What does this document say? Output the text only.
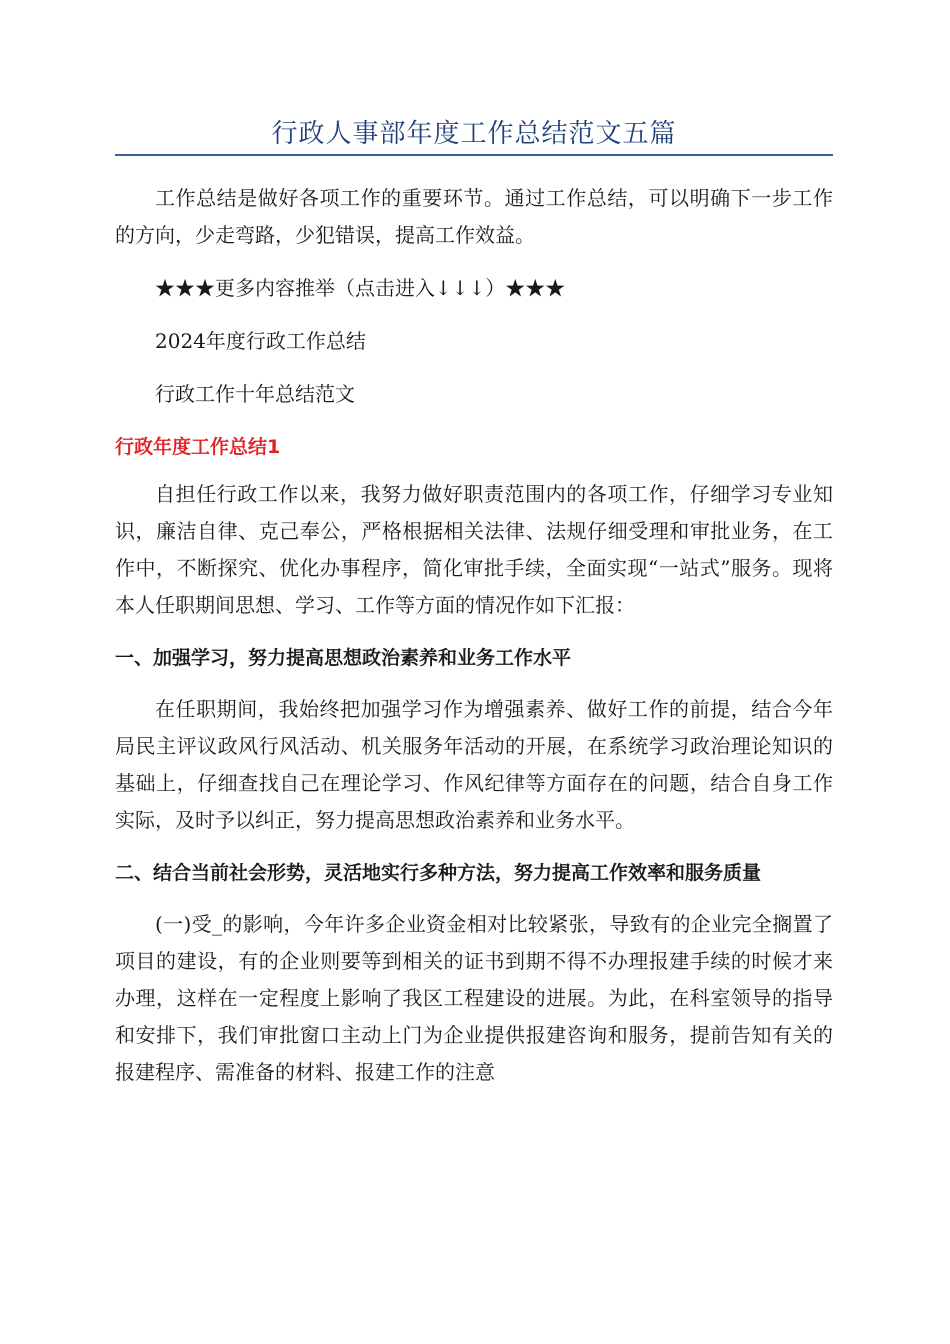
行政人事部年度工作总结范文五篇

工作总结是做好各项工作的重要环节。通过工作总结，可以明确下一步工作的方向，少走弯路，少犯错误，提高工作效益。

★★★更多内容推举（点击进入↓↓↓）★★★

2024年度行政工作总结

行政工作十年总结范文

行政年度工作总结1

自担任行政工作以来，我努力做好职责范围内的各项工作，仔细学习专业知识，廉洁自律、克己奉公，严格根据相关法律、法规仔细受理和审批业务，在工作中，不断探究、优化办事程序，简化审批手续，全面实现“一站式”服务。现将本人任职期间思想、学习、工作等方面的情况作如下汇报：

一、加强学习，努力提高思想政治素养和业务工作水平

在任职期间，我始终把加强学习作为增强素养、做好工作的前提，结合今年局民主评议政风行风活动、机关服务年活动的开展，在系统学习政治理论知识的基础上，仔细查找自己在理论学习、作风纪律等方面存在的问题，结合自身工作实际，及时予以纠正，努力提高思想政治素养和业务水平。

二、结合当前社会形势，灵活地实行多种方法，努力提高工作效率和服务质量

(一)受_的影响，今年许多企业资金相对比较紧张，导致有的企业完全搁置了项目的建设，有的企业则要等到相关的证书到期不得不办理报建手续的时候才来办理，这样在一定程度上影响了我区工程建设的进展。为此，在科室领导的指导和安排下，我们审批窗口主动上门为企业提供报建咨询和服务，提前告知有关的报建程序、需准备的材料、报建工作的注意
